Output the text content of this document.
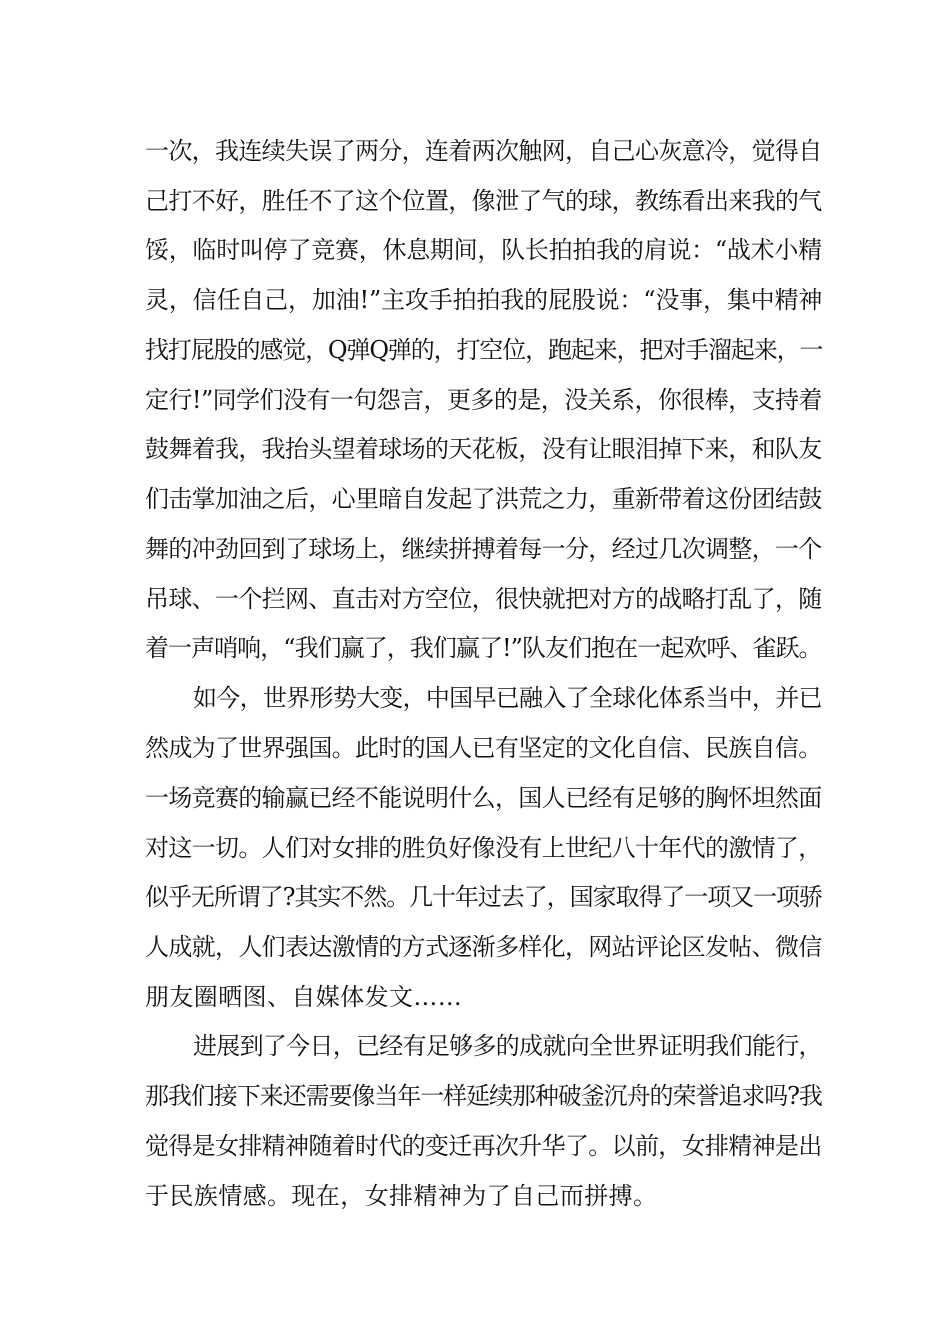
一次，我连续失误了两分，连着两次触网，自己心灰意冷，觉得自
己打不好，胜任不了这个位置，像泄了气的球，教练看出来我的气
馁，临时叫停了竞赛，休息期间，队长拍拍我的肩说：“战术小精
灵，信任自己，加油!”主攻手拍拍我的屁股说：“没事，集中精神
找打屁股的感觉，Q弹Q弹的，打空位，跑起来，把对手溜起来，一
定行!”同学们没有一句怨言，更多的是，没关系，你很棒，支持着
鼓舞着我，我抬头望着球场的天花板，没有让眼泪掉下来，和队友
们击掌加油之后，心里暗自发起了洪荒之力，重新带着这份团结鼓
舞的冲劲回到了球场上，继续拼搏着每一分，经过几次调整，一个
吊球、一个拦网、直击对方空位，很快就把对方的战略打乱了，随
着一声哨响，“我们赢了，我们赢了!”队友们抱在一起欢呼、雀跃。
如今，世界形势大变，中国早已融入了全球化体系当中，并已
然成为了世界强国。此时的国人已有坚定的文化自信、民族自信。
一场竞赛的输赢已经不能说明什么，国人已经有足够的胸怀坦然面
对这一切。人们对女排的胜负好像没有上世纪八十年代的激情了，
似乎无所谓了?其实不然。几十年过去了，国家取得了一项又一项骄
人成就，人们表达激情的方式逐渐多样化，网站评论区发帖、微信
朋友圈晒图、自媒体发文……
进展到了今日，已经有足够多的成就向全世界证明我们能行，
那我们接下来还需要像当年一样延续那种破釜沉舟的荣誉追求吗?我
觉得是女排精神随着时代的变迁再次升华了。以前，女排精神是出
于民族情感。现在，女排精神为了自己而拼搏。
